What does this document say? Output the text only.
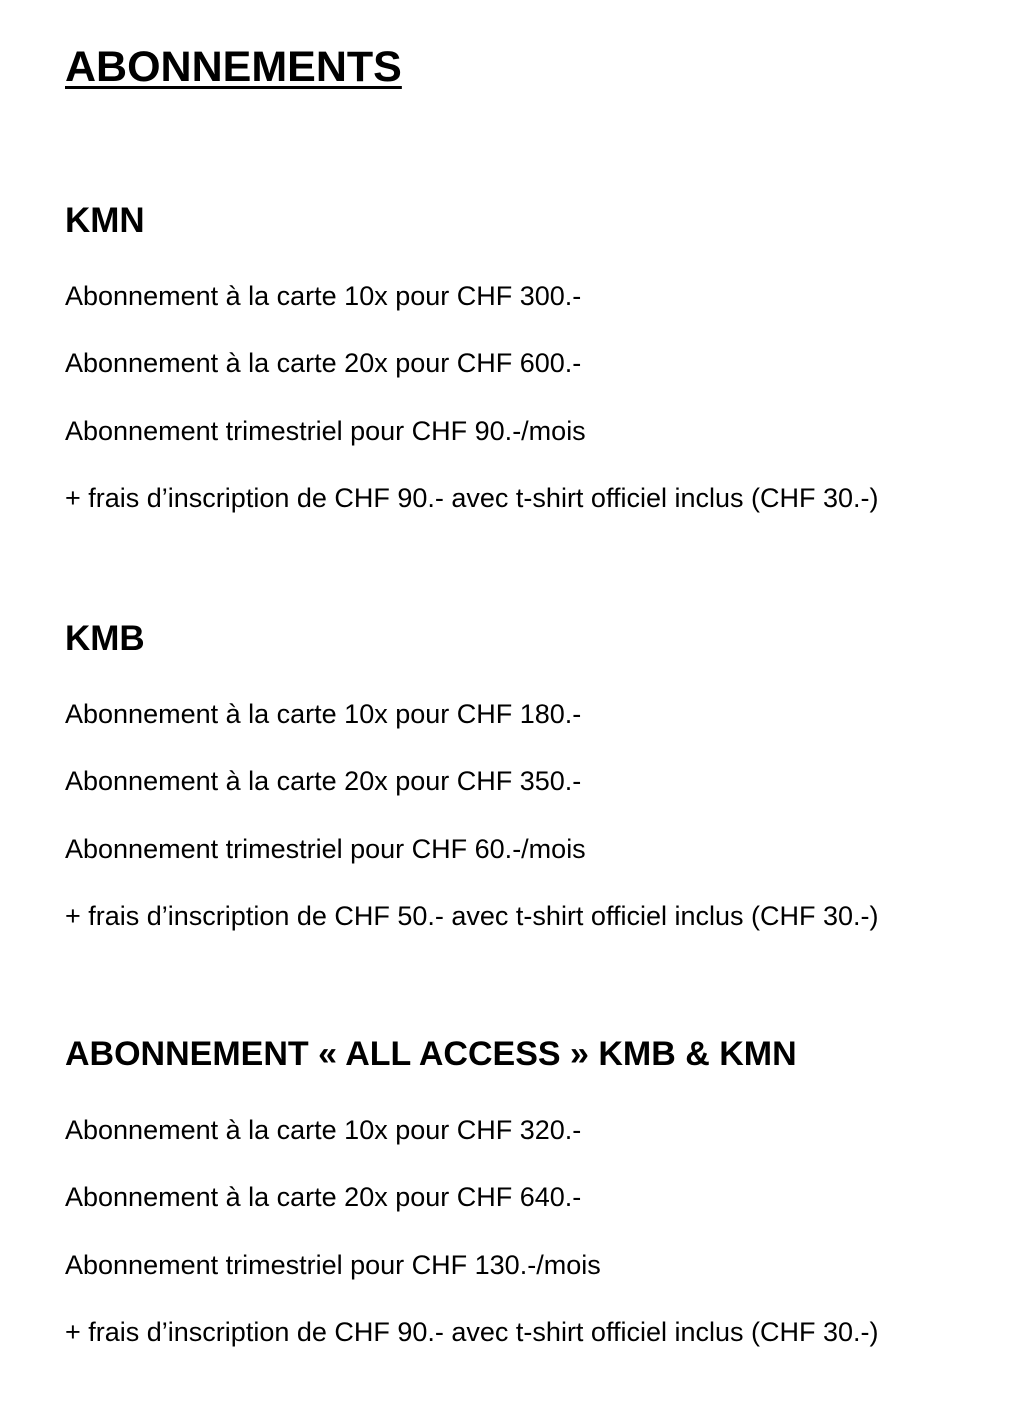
ABONNEMENTS
KMN
Abonnement à la carte 10x pour CHF 300.-
Abonnement à la carte 20x pour CHF 600.-
Abonnement trimestriel pour CHF 90.-/mois
+ frais d’inscription de CHF 90.- avec t-shirt officiel inclus (CHF 30.-)
KMB
Abonnement à la carte 10x pour CHF 180.-
Abonnement à la carte 20x pour CHF 350.-
Abonnement trimestriel pour CHF 60.-/mois
+ frais d’inscription de CHF 50.- avec t-shirt officiel inclus (CHF 30.-)
ABONNEMENT « ALL ACCESS » KMB & KMN
Abonnement à la carte 10x pour CHF 320.-
Abonnement à la carte 20x pour CHF 640.-
Abonnement trimestriel pour CHF 130.-/mois
+ frais d’inscription de CHF 90.- avec t-shirt officiel inclus (CHF 30.-)
